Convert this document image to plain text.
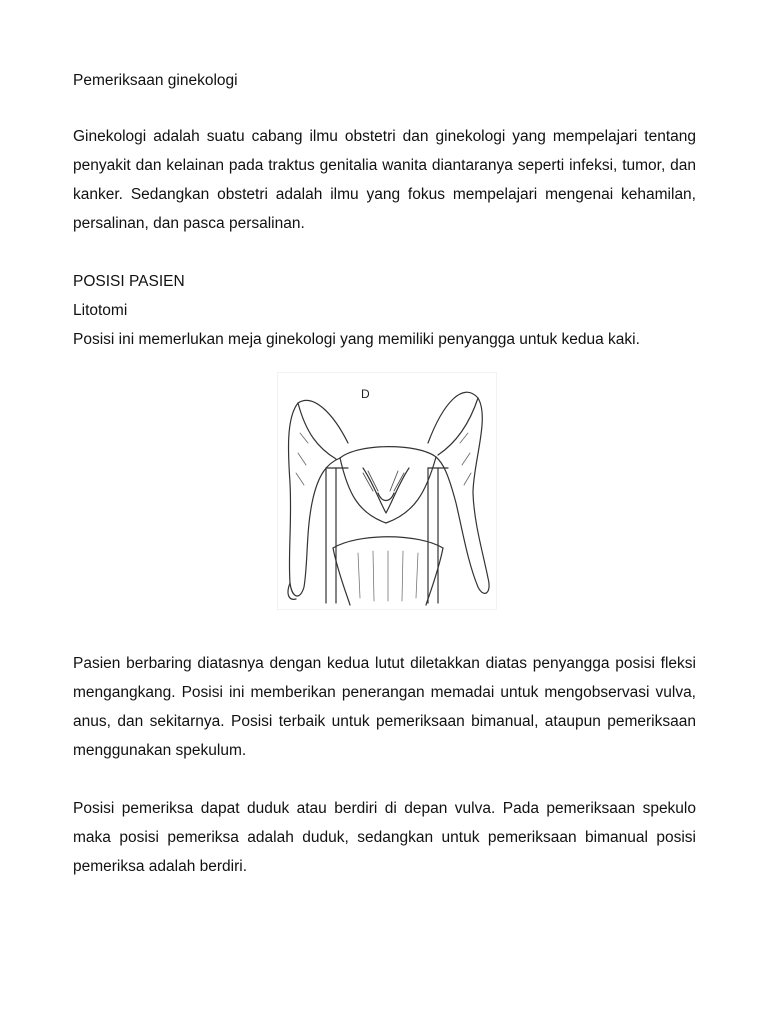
Pemeriksaan ginekologi

Ginekologi adalah suatu cabang ilmu obstetri dan ginekologi yang mempelajari tentang penyakit dan kelainan pada traktus genitalia wanita diantaranya seperti infeksi, tumor, dan kanker. Sedangkan obstetri adalah ilmu yang fokus mempelajari mengenai kehamilan, persalinan, dan pasca persalinan.

POSISI PASIEN

Litotomi

Posisi ini memerlukan meja ginekologi yang memiliki penyangga untuk kedua kaki.

D

Pasien berbaring diatasnya dengan kedua lutut diletakkan diatas penyangga posisi fleksi mengangkang. Posisi ini memberikan penerangan memadai untuk mengobservasi vulva, anus, dan sekitarnya. Posisi terbaik untuk pemeriksaan bimanual, ataupun pemeriksaan menggunakan spekulum.

Posisi pemeriksa dapat duduk atau berdiri di depan vulva. Pada pemeriksaan spekulo maka posisi pemeriksa adalah duduk, sedangkan untuk pemeriksaan bimanual posisi pemeriksa adalah berdiri.
